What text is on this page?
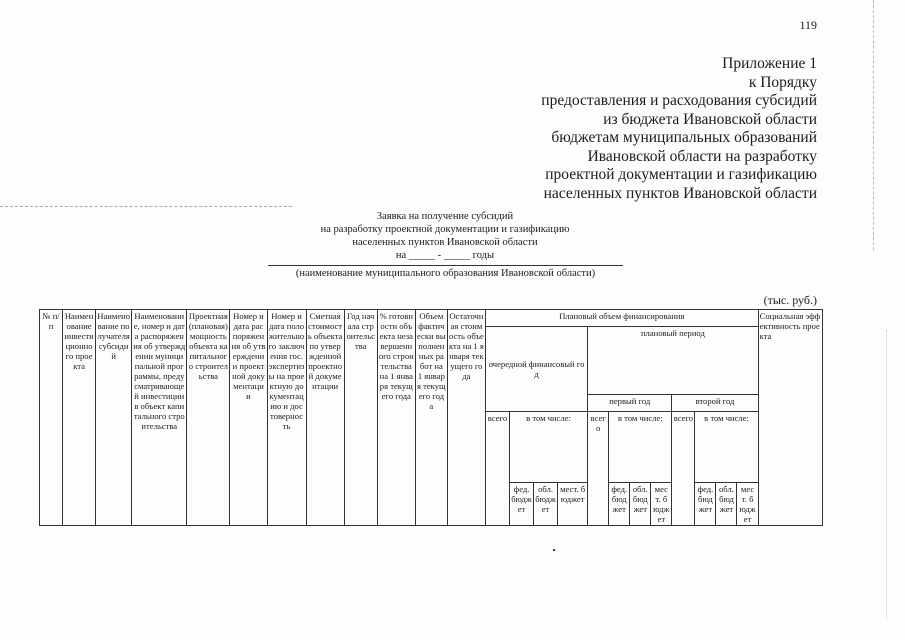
119
Приложение 1
к Порядку
предоставления и расходования субсидий
из бюджета Ивановской области
бюджетам муниципальных образований
Ивановской области на разработку
проектной документации и газификацию
населенных пунктов Ивановской области
Заявка на получение субсидий
на разработку проектной документации и газификацию
населенных пунктов Ивановской области
на _____ - _____ годы
(наименование муниципального образования Ивановской области)
(тыс. руб.)
№ п/п	Наименование инвестиционного проекта	Наименование получателя субсидий	Наименование, номер и дата распоряжения об утверждении муниципальной программы, предусматривающей инвестиции в объект капитального строительства	Проектная (плановая) мощность объекта капитального строительства	Номер и дата распоряжения об утверждении проектной документации	Номер и дата положительного заключения гос. экспертизы на проектную документацию и достоверность	Сметная стоимость объекта по утвержденной проектной документации	Год начала строительства	% готовности объекта незавершенного строительства на 1 января текущего года	Объем фактически выполненных работ на 1 января текущего года	Остаточная стоимость объекта на 1 января текущего года	Плановый объем финансирования												Социальная эффективность проекта
												очередной финансовый год				плановый период								
																первый год				второй год				
												всего	в том числе:			всего	в том числе:			всего	в том числе:			
													фед. бюджет	обл. бюджет	мест. бюджет		фед. бюджет	обл. бюджет	мест. бюджет		фед. бюджет	обл. бюджет	мест. бюджет	
